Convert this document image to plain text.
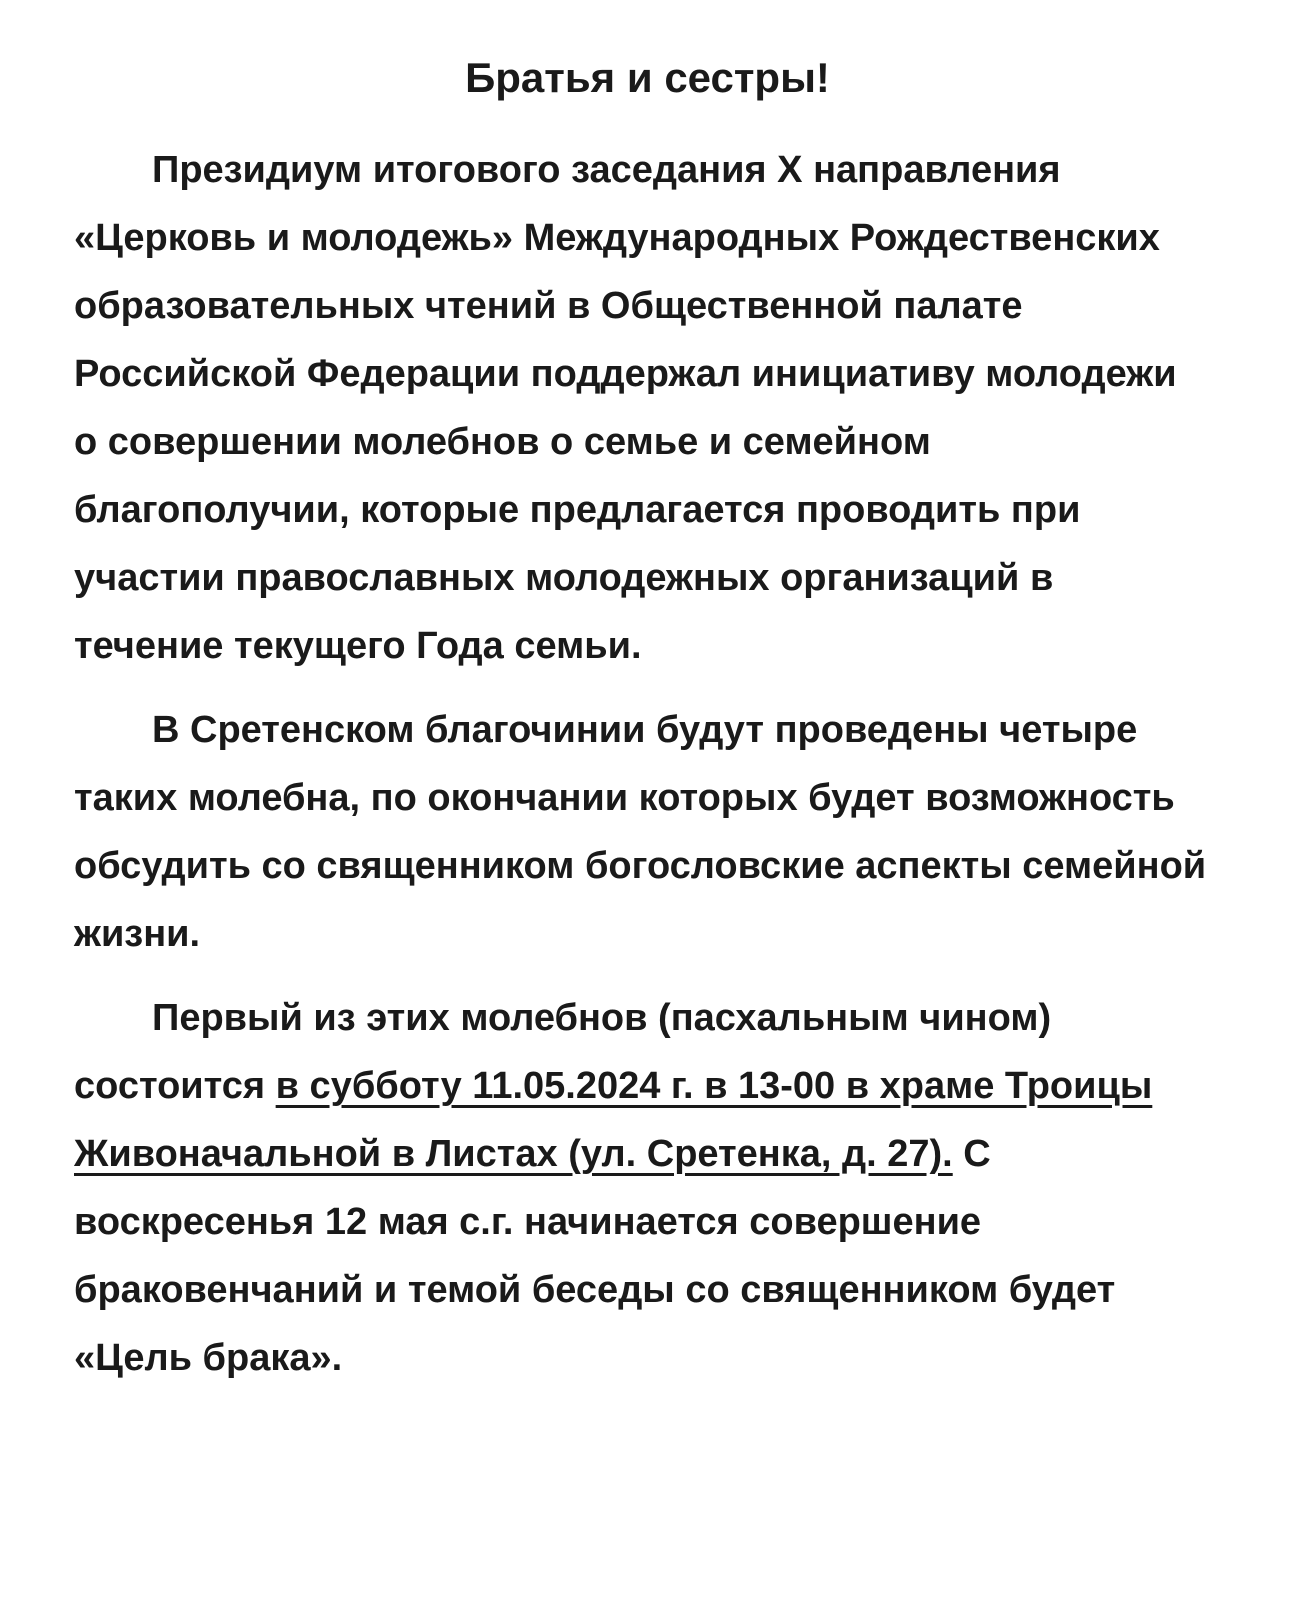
Братья и сестры!

Президиум итогового заседания X направления «Церковь и молодежь» Международных Рождественских образовательных чтений в Общественной палате Российской Федерации поддержал инициативу молодежи о совершении молебнов о семье и семейном благополучии, которые предлагается проводить при участии православных молодежных организаций в течение текущего Года семьи.

В Сретенском благочинии будут проведены четыре таких молебна, по окончании которых будет возможность обсудить со священником богословские аспекты семейной жизни.

Первый из этих молебнов (пасхальным чином) состоится в субботу 11.05.2024 г. в 13-00 в храме Троицы Живоначальной в Листах (ул. Сретенка, д. 27). С воскресенья 12 мая с.г. начинается совершение браковенчаний и темой беседы со священником будет «Цель брака».
